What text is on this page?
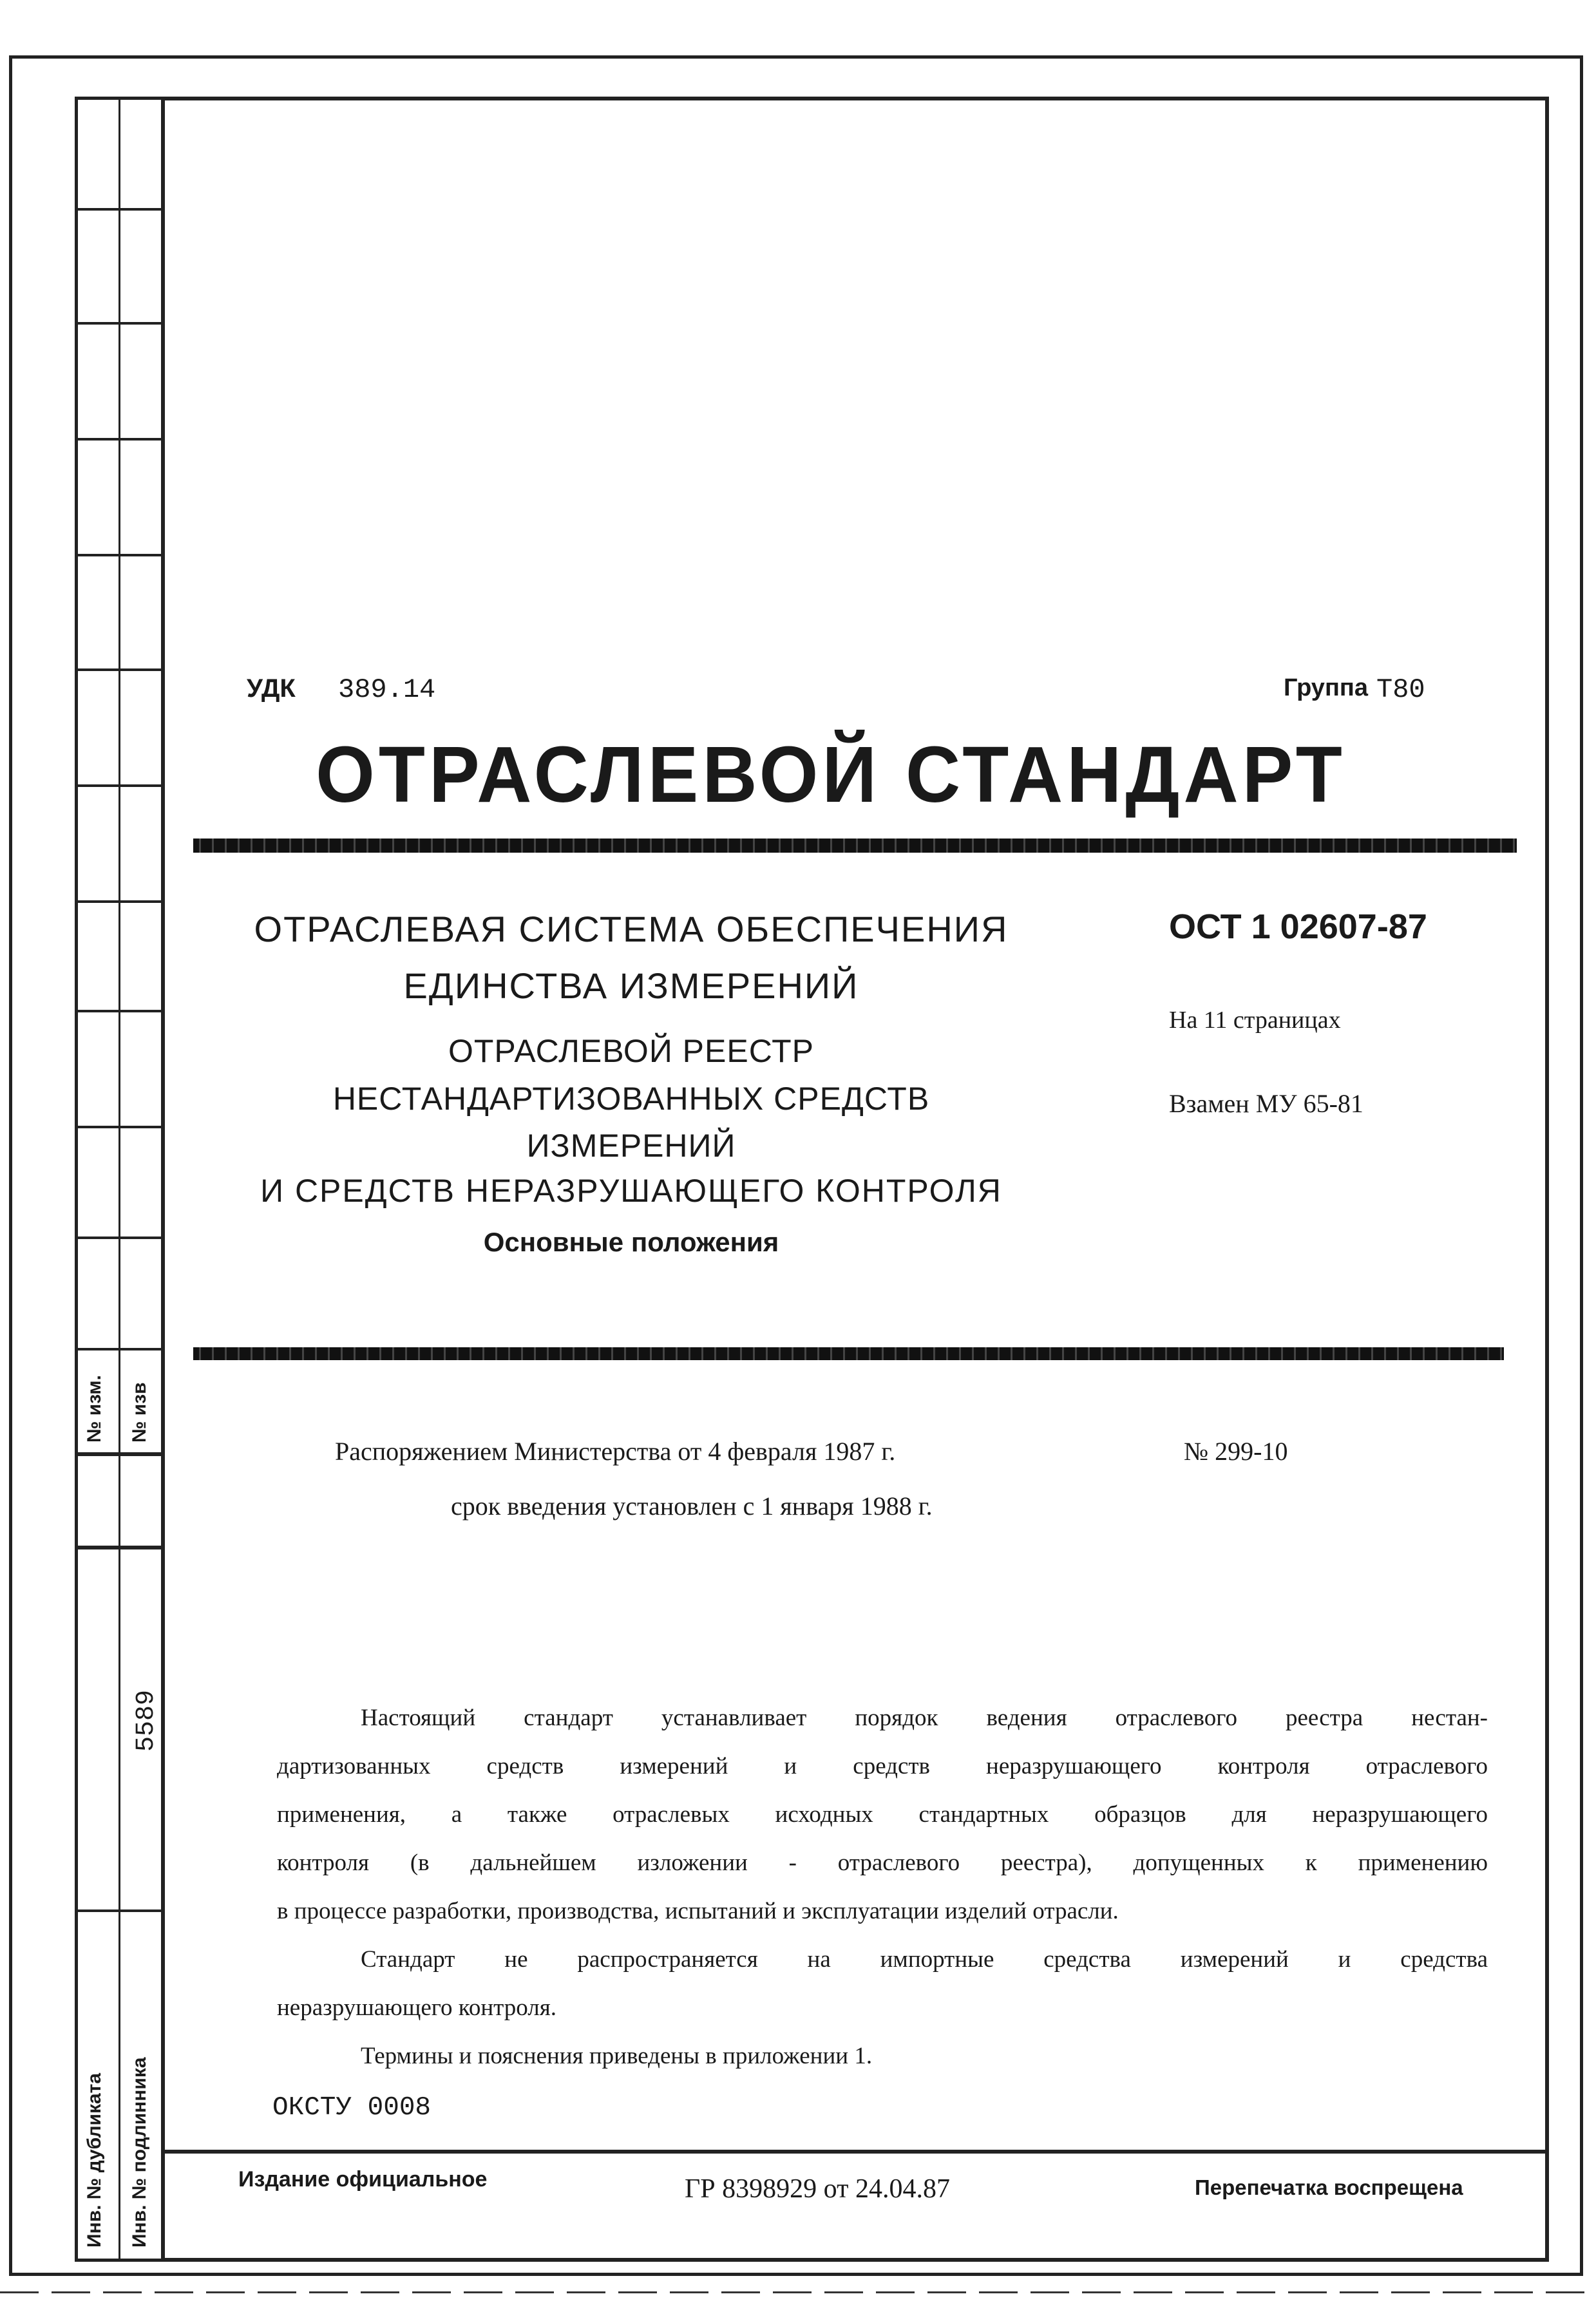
№ изм. № изв
Инв. № дубликата Инв. № подлинника
5589
УДК 389.14	Группа Т80
ОТРАСЛЕВОЙ СТАНДАРТ
ОТРАСЛЕВАЯ СИСТЕМА ОБЕСПЕЧЕНИЯ
ЕДИНСТВА ИЗМЕРЕНИЙ
ОТРАСЛЕВОЙ РЕЕСТР
НЕСТАНДАРТИЗОВАННЫХ СРЕДСТВ
ИЗМЕРЕНИЙ
И СРЕДСТВ НЕРАЗРУШАЮЩЕГО КОНТРОЛЯ
Основные положения
ОСТ 1 02607-87
На 11 страницах
Взамен МУ 65-81
Распоряжением Министерства от 4 февраля 1987 г.	№ 299-10
срок введения установлен с 1 января 1988 г.
Настоящий стандарт устанавливает порядок ведения отраслевого реестра нестан-
дартизованных средств измерений и средств неразрушающего контроля отраслевого
применения, а также отраслевых исходных стандартных образцов для неразрушающего
контроля (в дальнейшем изложении - отраслевого реестра), допущенных к применению
в процессе разработки, производства, испытаний и эксплуатации изделий отрасли.
Стандарт не распространяется на импортные средства измерений и средства
неразрушающего контроля.
Термины и пояснения приведены в приложении 1.
ОКСТУ 0008
Издание официальное	ГР 8398929 от 24.04.87	Перепечатка воспрещена
